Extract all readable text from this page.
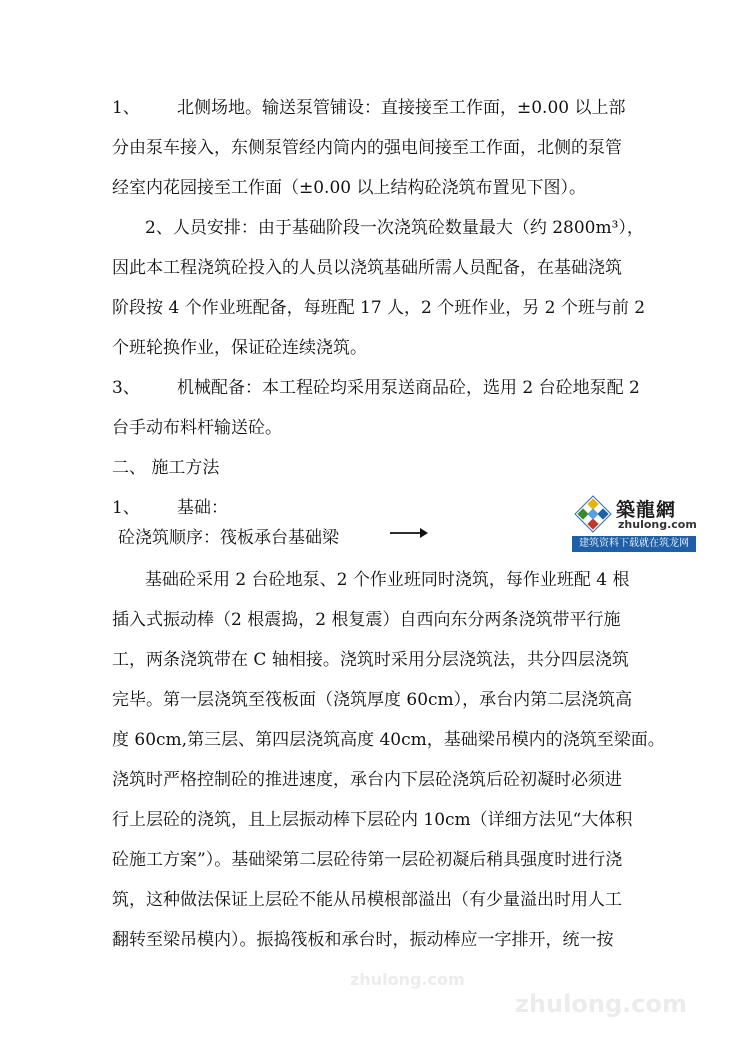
1、 北侧场地。输送泵管铺设：直接接至工作面，±0.00 以上部
分由泵车接入，东侧泵管经内筒内的强电间接至工作面，北侧的泵管
经室内花园接至工作面（±0.00 以上结构砼浇筑布置见下图）。
2、人员安排：由于基础阶段一次浇筑砼数量最大（约 2800m³），
因此本工程浇筑砼投入的人员以浇筑基础所需人员配备，在基础浇筑
阶段按 4 个作业班配备，每班配 17 人，2 个班作业，另 2 个班与前 2
个班轮换作业，保证砼连续浇筑。
3、 机械配备：本工程砼均采用泵送商品砼，选用 2 台砼地泵配 2
台手动布料杆输送砼。
二、 施工方法
1、 基础：
砼浇筑顺序：筏板承台基础梁
築龍網
zhulong.com
建筑资料下载就在筑龙网
基础砼采用 2 台砼地泵、2 个作业班同时浇筑，每作业班配 4 根
插入式振动棒（2 根震捣，2 根复震）自西向东分两条浇筑带平行施
工，两条浇筑带在 C 轴相接。浇筑时采用分层浇筑法，共分四层浇筑
完毕。第一层浇筑至筏板面（浇筑厚度 60cm），承台内第二层浇筑高
度 60cm,第三层、第四层浇筑高度 40cm，基础梁吊模内的浇筑至梁面。
浇筑时严格控制砼的推进速度，承台内下层砼浇筑后砼初凝时必须进
行上层砼的浇筑，且上层振动棒下层砼内 10cm（详细方法见“大体积
砼施工方案”）。基础梁第二层砼待第一层砼初凝后稍具强度时进行浇
筑，这种做法保证上层砼不能从吊模根部溢出（有少量溢出时用人工
翻转至梁吊模内）。振捣筏板和承台时，振动棒应一字排开，统一按
zhulong.com
zhulong.com
